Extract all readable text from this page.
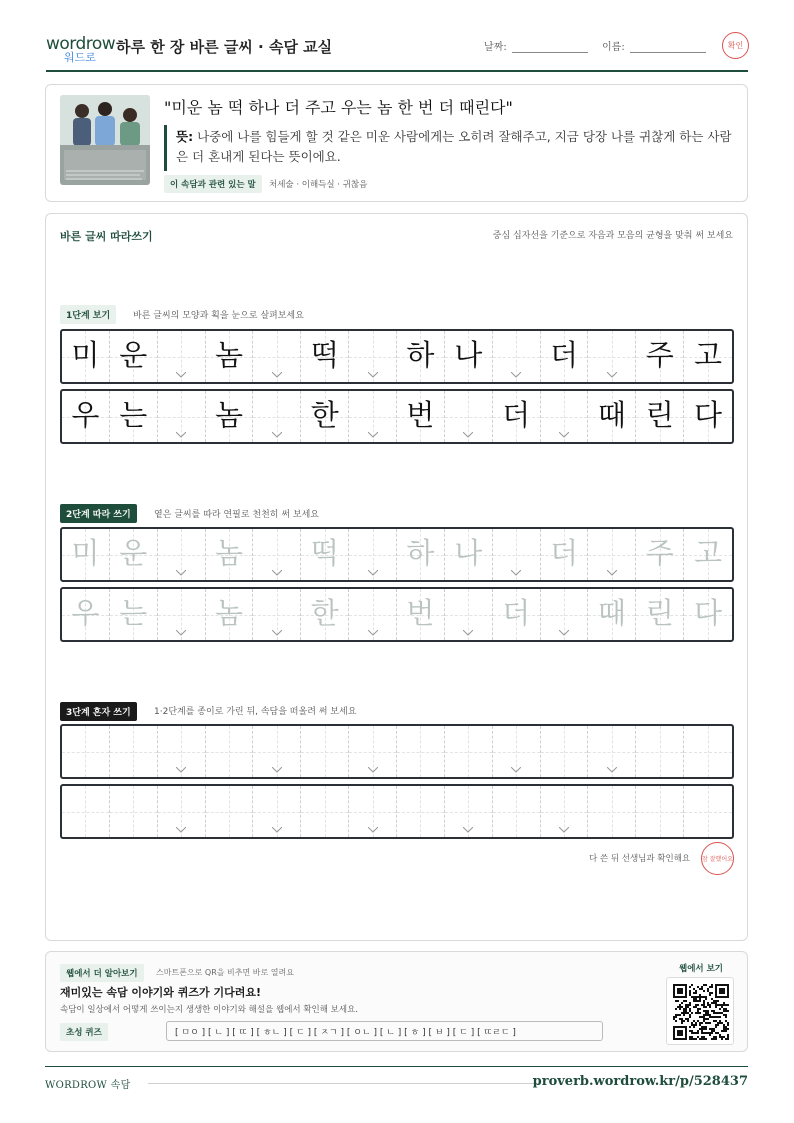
wordrow
워드로
하루 한 장 바른 글씨 · 속담 교실	날짜:	이름:	확인
"미운 놈 떡 하나 더 주고 우는 놈 한 번 더 때린다"
뜻: 나중에 나를 힘들게 할 것 같은 미운 사람에게는 오히려 잘해주고, 지금 당장 나를 귀찮게 하는 사람은 더 혼내게 된다는 뜻이에요.
이 속담과 관련 있는 말	처세술 · 이해득실 · 귀찮음
바른 글씨 따라쓰기	중심 십자선을 기준으로 자음과 모음의 균형을 맞춰 써 보세요
1단계 보기	바른 글씨의 모양과 획을 눈으로 살펴보세요
미 운	놈	떡	하 나	더	주 고
우 는	놈	한	번	더	때 린 다
2단계 따라 쓰기	옅은 글씨를 따라 연필로 천천히 써 보세요
미 운	놈	떡	하 나	더	주 고
우 는	놈	한	번	더	때 린 다
3단계 혼자 쓰기	1·2단계를 종이로 가린 뒤, 속담을 떠올려 써 보세요
다 쓴 뒤 선생님과 확인해요 참 잘했어요
웹에서 더 알아보기	스마트폰으로 QR을 비추면 바로 열려요
재미있는 속담 이야기와 퀴즈가 기다려요!
속담이 일상에서 어떻게 쓰이는지 생생한 이야기와 해설을 웹에서 확인해 보세요.
초성 퀴즈	[ ㅁㅇ ] [ ㄴ ] [ ㄸ ] [ ㅎㄴ ] [ ㄷ ] [ ㅈㄱ ] [ ㅇㄴ ] [ ㄴ ] [ ㅎ ] [ ㅂ ] [ ㄷ ] [ ㄸㄹㄷ ]
웹에서 보기
WORDROW 속담	proverb.wordrow.kr/p/528437
